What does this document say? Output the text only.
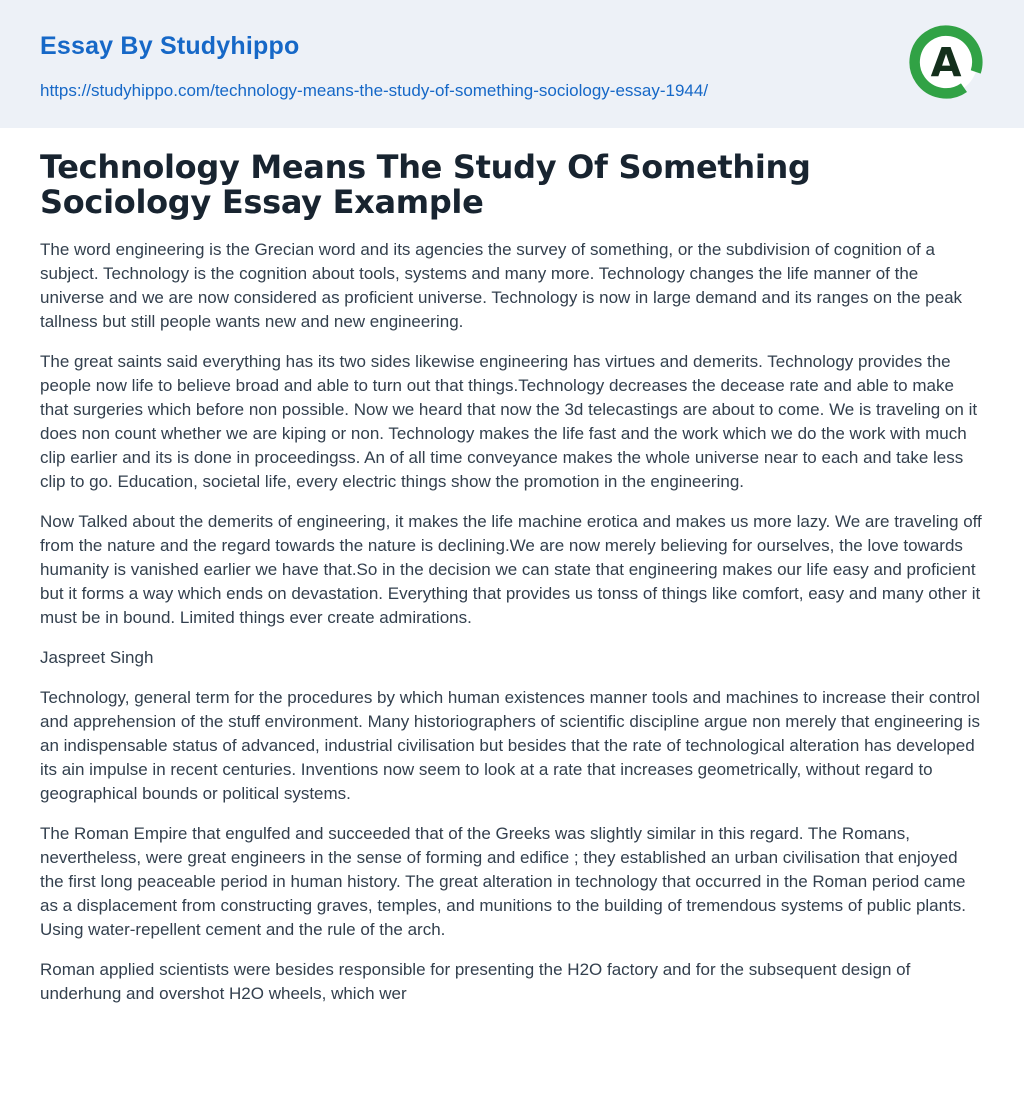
Essay By Studyhippo
https://studyhippo.com/technology-means-the-study-of-something-sociology-essay-1944/
A
Technology Means The Study Of Something Sociology Essay Example

The word engineering is the Grecian word and its agencies the survey of something, or the subdivision of cognition of a subject. Technology is the cognition about tools, systems and many more. Technology changes the life manner of the universe and we are now considered as proficient universe. Technology is now in large demand and its ranges on the peak tallness but still people wants new and new engineering.

The great saints said everything has its two sides likewise engineering has virtues and demerits. Technology provides the people now life to believe broad and able to turn out that things.Technology decreases the decease rate and able to make that surgeries which before non possible. Now we heard that now the 3d telecastings are about to come. We is traveling on it does non count whether we are kiping or non. Technology makes the life fast and the work which we do the work with much clip earlier and its is done in proceedingss. An of all time conveyance makes the whole universe near to each and take less clip to go. Education, societal life, every electric things show the promotion in the engineering.

Now Talked about the demerits of engineering, it makes the life machine erotica and makes us more lazy. We are traveling off from the nature and the regard towards the nature is declining.We are now merely believing for ourselves, the love towards humanity is vanished earlier we have that.So in the decision we can state that engineering makes our life easy and proficient but it forms a way which ends on devastation. Everything that provides us tonss of things like comfort, easy and many other it must be in bound. Limited things ever create admirations.

Jaspreet Singh

Technology, general term for the procedures by which human existences manner tools and machines to increase their control and apprehension of the stuff environment. Many historiographers of scientific discipline argue non merely that engineering is an indispensable status of advanced, industrial civilisation but besides that the rate of technological alteration has developed its ain impulse in recent centuries. Inventions now seem to look at a rate that increases geometrically, without regard to geographical bounds or political systems.

The Roman Empire that engulfed and succeeded that of the Greeks was slightly similar in this regard. The Romans, nevertheless, were great engineers in the sense of forming and edifice ; they established an urban civilisation that enjoyed the first long peaceable period in human history. The great alteration in technology that occurred in the Roman period came as a displacement from constructing graves, temples, and munitions to the building of tremendous systems of public plants. Using water-repellent cement and the rule of the arch.

Roman applied scientists were besides responsible for presenting the H2O factory and for the subsequent design of underhung and overshot H2O wheels, which wer
